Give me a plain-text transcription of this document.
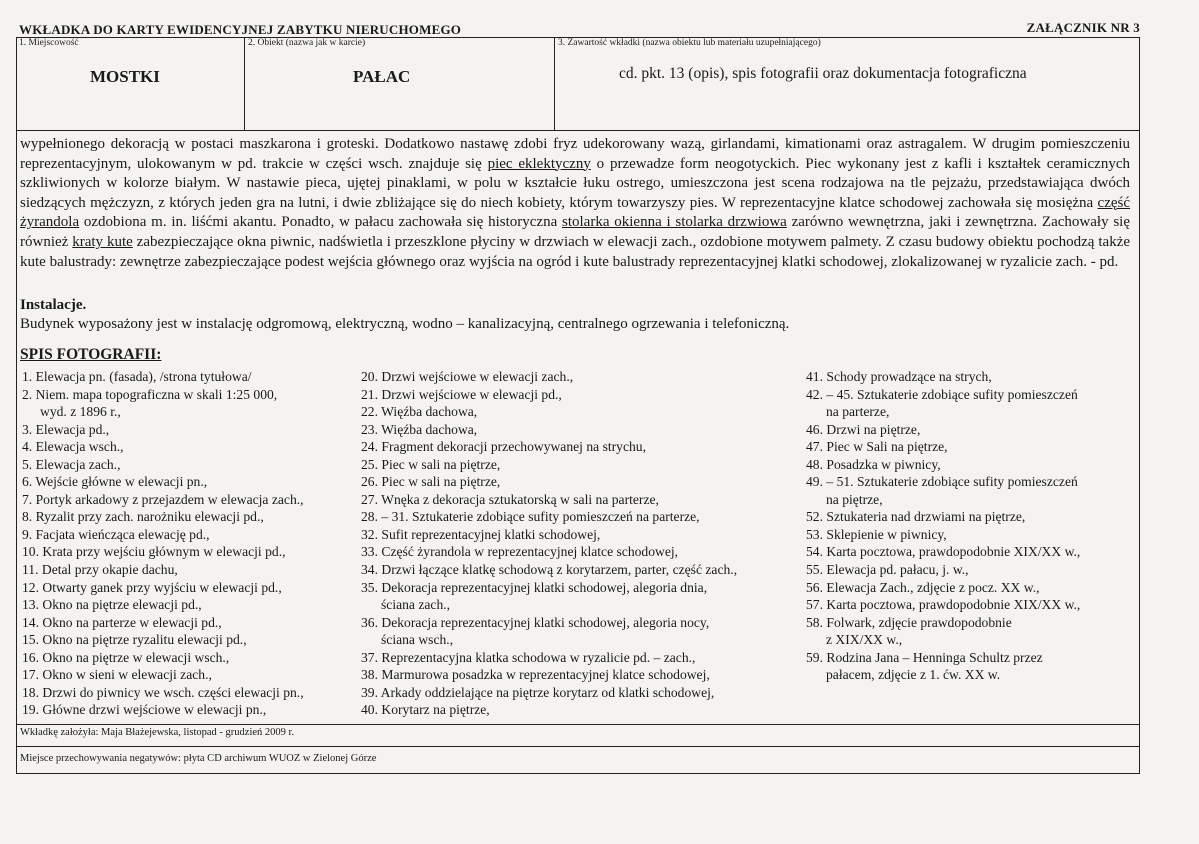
WKŁADKA DO KARTY EWIDENCYJNEJ ZABYTKU NIERUCHOMEGO	ZAŁĄCZNIK NR 3
1. Miejscowość
MOSTKI
2. Obiekt (nazwa jak w karcie)
PAŁAC
3. Zawartość wkładki (nazwa obiektu lub materiału uzupełniającego)
cd. pkt. 13 (opis), spis fotografii oraz dokumentacja fotograficzna
wypełnionego dekoracją w postaci maszkarona i groteski. Dodatkowo nastawę zdobi fryz udekorowany wazą, girlandami, kimationami oraz astragalem. W drugim pomieszczeniu reprezentacyjnym, ulokowanym w pd. trakcie w części wsch. znajduje się piec eklektyczny o przewadze form neogotyckich. Piec wykonany jest z kafli i kształtek ceramicznych szkliwionych w kolorze białym. W nastawie pieca, ujętej pinaklami, w polu w kształcie łuku ostrego, umieszczona jest scena rodzajowa na tle pejzażu, przedstawiająca dwóch siedzących mężczyzn, z których jeden gra na lutni, i dwie zbliżające się do niech kobiety, którym towarzyszy pies. W reprezentacyjne klatce schodowej zachowała się mosiężna część żyrandola ozdobiona m. in. liśćmi akantu. Ponadto, w pałacu zachowała się historyczna stolarka okienna i stolarka drzwiowa zarówno wewnętrzna, jaki i zewnętrzna. Zachowały się również kraty kute zabezpieczające okna piwnic, nadświetla i przeszklone płyciny w drzwiach w elewacji zach., ozdobione motywem palmety. Z czasu budowy obiektu pochodzą także kute balustrady: zewnętrze zabezpieczające podest wejścia głównego oraz wyjścia na ogród i kute balustrady reprezentacyjnej klatki schodowej, zlokalizowanej w ryzalicie zach. - pd.
Instalacje.
Budynek wyposażony jest w instalację odgromową, elektryczną, wodno – kanalizacyjną, centralnego ogrzewania i telefoniczną.
SPIS FOTOGRAFII:
1. Elewacja pn. (fasada), /strona tytułowa/
2. Niem. mapa topograficzna w skali 1:25 000,
wyd. z 1896 r.,
3. Elewacja pd.,
4. Elewacja wsch.,
5. Elewacja zach.,
6. Wejście główne w elewacji pn.,
7. Portyk arkadowy z przejazdem w elewacja zach.,
8. Ryzalit przy zach. narożniku elewacji pd.,
9. Facjata wieńcząca elewację pd.,
10. Krata przy wejściu głównym w elewacji pd.,
11. Detal przy okapie dachu,
12. Otwarty ganek przy wyjściu w elewacji pd.,
13. Okno na piętrze elewacji pd.,
14. Okno na parterze w elewacji pd.,
15. Okno na piętrze ryzalitu elewacji pd.,
16. Okno na piętrze w elewacji wsch.,
17. Okno w sieni w elewacji zach.,
18. Drzwi do piwnicy we wsch. części elewacji pn.,
19. Główne drzwi wejściowe w elewacji pn.,
20. Drzwi wejściowe w elewacji zach.,
21. Drzwi wejściowe w elewacji pd.,
22. Więźba dachowa,
23. Więźba dachowa,
24. Fragment dekoracji przechowywanej na strychu,
25. Piec w sali na piętrze,
26. Piec w sali na piętrze,
27. Wnęka z dekoracja sztukatorską w sali na parterze,
28. – 31. Sztukaterie zdobiące sufity pomieszczeń na parterze,
32. Sufit reprezentacyjnej klatki schodowej,
33. Część żyrandola w reprezentacyjnej klatce schodowej,
34. Drzwi łączące klatkę schodową z korytarzem, parter, część zach.,
35. Dekoracja reprezentacyjnej klatki schodowej, alegoria dnia,
ściana zach.,
36. Dekoracja reprezentacyjnej klatki schodowej, alegoria nocy,
ściana wsch.,
37. Reprezentacyjna klatka schodowa w ryzalicie pd. – zach.,
38. Marmurowa posadzka w reprezentacyjnej klatce schodowej,
39. Arkady oddzielające na piętrze korytarz od klatki schodowej,
40. Korytarz na piętrze,
41. Schody prowadzące na strych,
42. – 45. Sztukaterie zdobiące sufity pomieszczeń
na parterze,
46. Drzwi na piętrze,
47. Piec w Sali na piętrze,
48. Posadzka w piwnicy,
49. – 51. Sztukaterie zdobiące sufity pomieszczeń
na piętrze,
52. Sztukateria nad drzwiami na piętrze,
53. Sklepienie w piwnicy,
54. Karta pocztowa, prawdopodobnie XIX/XX w.,
55. Elewacja pd. pałacu, j. w.,
56. Elewacja Zach., zdjęcie z pocz. XX w.,
57. Karta pocztowa, prawdopodobnie XIX/XX w.,
58. Folwark, zdjęcie prawdopodobnie
z XIX/XX w.,
59. Rodzina Jana – Henninga Schultz przez
pałacem, zdjęcie z 1. ćw. XX w.
Wkładkę założyła: Maja Błażejewska, listopad - grudzień 2009 r.
Miejsce przechowywania negatywów: płyta CD archiwum WUOZ w Zielonej Górze
